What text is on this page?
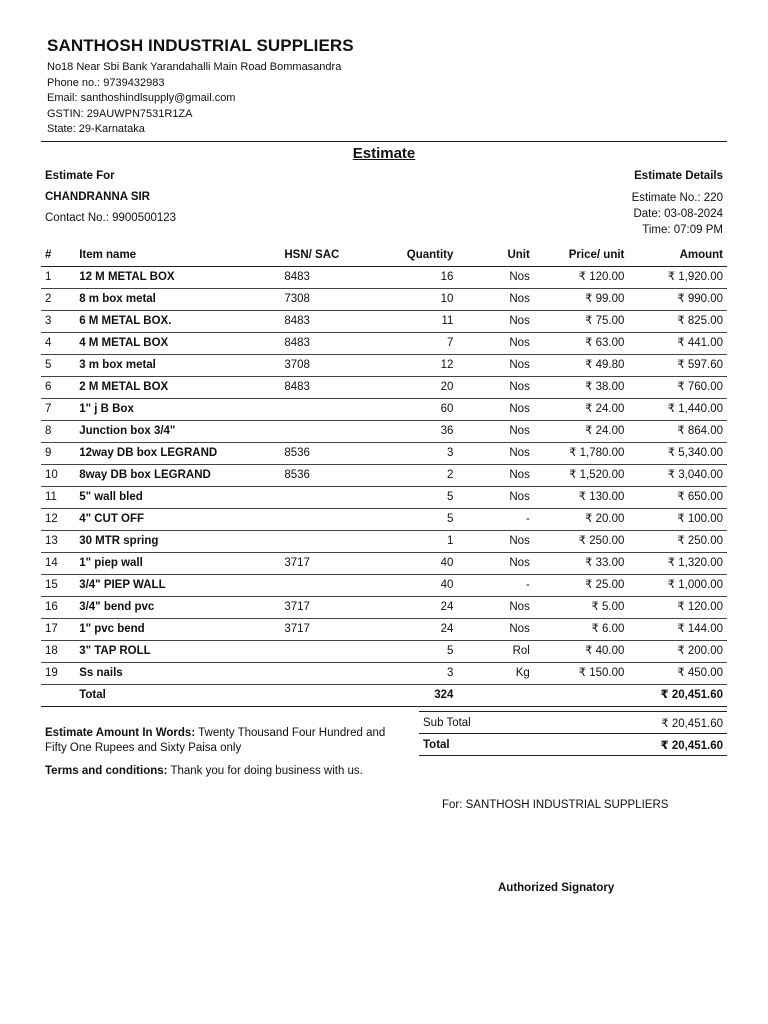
SANTHOSH INDUSTRIAL SUPPLIERS
No18 Near Sbi Bank Yarandahalli Main Road Bommasandra
Phone no.: 9739432983
Email: santhoshindlsupply@gmail.com
GSTIN: 29AUWPN7531R1ZA
State: 29-Karnataka
Estimate
Estimate For
CHANDRANNA SIR
Contact No.: 9900500123
Estimate Details
Estimate No.: 220
Date: 03-08-2024
Time: 07:09 PM
#	Item name	HSN/ SAC	Quantity	Unit	Price/ unit	Amount
1	12 M METAL BOX	8483	16	Nos	₹ 120.00	₹ 1,920.00
2	8 m box metal	7308	10	Nos	₹ 99.00	₹ 990.00
3	6 M METAL BOX.	8483	11	Nos	₹ 75.00	₹ 825.00
4	4 M METAL BOX	8483	7	Nos	₹ 63.00	₹ 441.00
5	3 m box metal	3708	12	Nos	₹ 49.80	₹ 597.60
6	2 M METAL BOX	8483	20	Nos	₹ 38.00	₹ 760.00
7	1" j B Box		60	Nos	₹ 24.00	₹ 1,440.00
8	Junction box 3/4"		36	Nos	₹ 24.00	₹ 864.00
9	12way DB box LEGRAND	8536	3	Nos	₹ 1,780.00	₹ 5,340.00
10	8way DB box LEGRAND	8536	2	Nos	₹ 1,520.00	₹ 3,040.00
11	5" wall bled		5	Nos	₹ 130.00	₹ 650.00
12	4" CUT OFF		5	-	₹ 20.00	₹ 100.00
13	30 MTR spring		1	Nos	₹ 250.00	₹ 250.00
14	1" piep wall	3717	40	Nos	₹ 33.00	₹ 1,320.00
15	3/4" PIEP WALL		40	-	₹ 25.00	₹ 1,000.00
16	3/4" bend pvc	3717	24	Nos	₹ 5.00	₹ 120.00
17	1" pvc bend	3717	24	Nos	₹ 6.00	₹ 144.00
18	3" TAP ROLL		5	Rol	₹ 40.00	₹ 200.00
19	Ss nails		3	Kg	₹ 150.00	₹ 450.00
	Total		324			₹ 20,451.60
Sub Total	₹ 20,451.60
Total	₹ 20,451.60
Estimate Amount In Words: Twenty Thousand Four Hundred and Fifty One Rupees and Sixty Paisa only
Terms and conditions: Thank you for doing business with us.
For: SANTHOSH INDUSTRIAL SUPPLIERS
Authorized Signatory
